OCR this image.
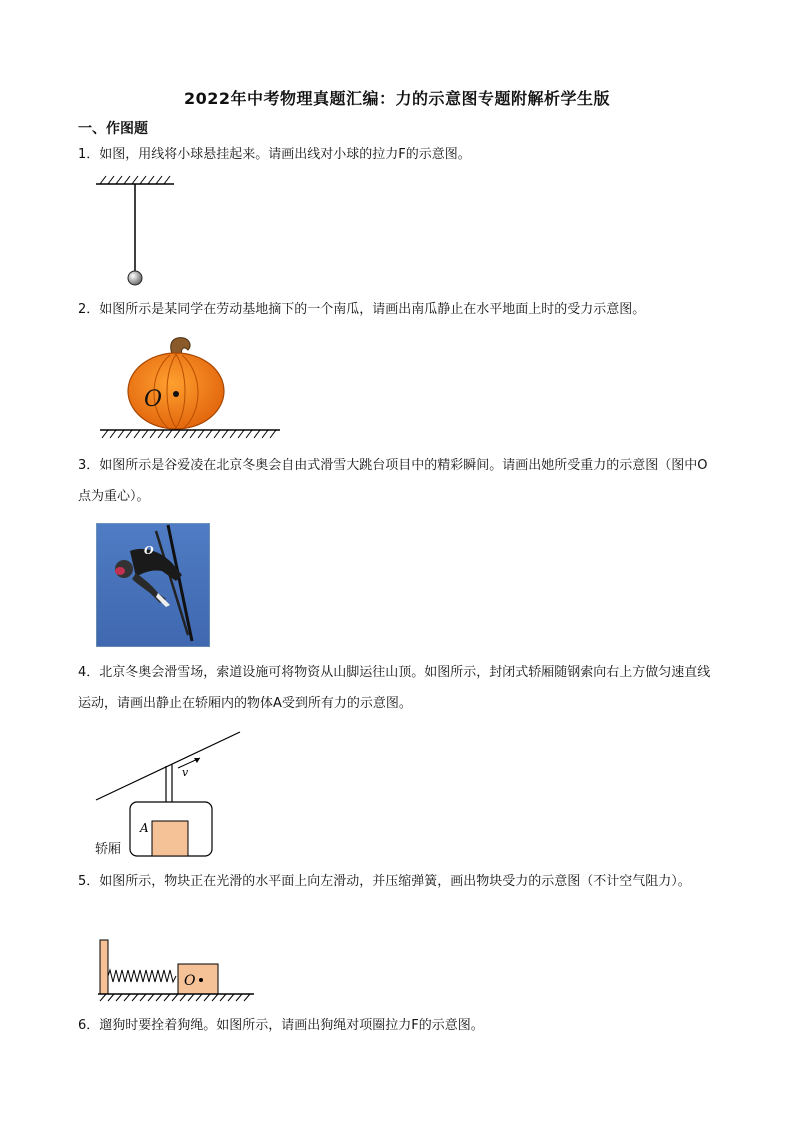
2022年中考物理真题汇编：力的示意图专题附解析学生版
一、作图题
1．如图，用线将小球悬挂起来。请画出线对小球的拉力F的示意图。
2．如图所示是某同学在劳动基地摘下的一个南瓜，请画出南瓜静止在水平地面上时的受力示意图。
O
3．如图所示是谷爱凌在北京冬奥会自由式滑雪大跳台项目中的精彩瞬间。请画出她所受重力的示意图（图中O点为重心）。
O
4．北京冬奥会滑雪场，索道设施可将物资从山脚运往山顶。如图所示，封闭式轿厢随钢索向右上方做匀速直线运动，请画出静止在轿厢内的物体A受到所有力的示意图。
v
A
轿厢
5．如图所示，物块正在光滑的水平面上向左滑动，并压缩弹簧，画出物块受力的示意图（不计空气阻力）。
O
6．遛狗时要拴着狗绳。如图所示，请画出狗绳对项圈拉力F的示意图。
